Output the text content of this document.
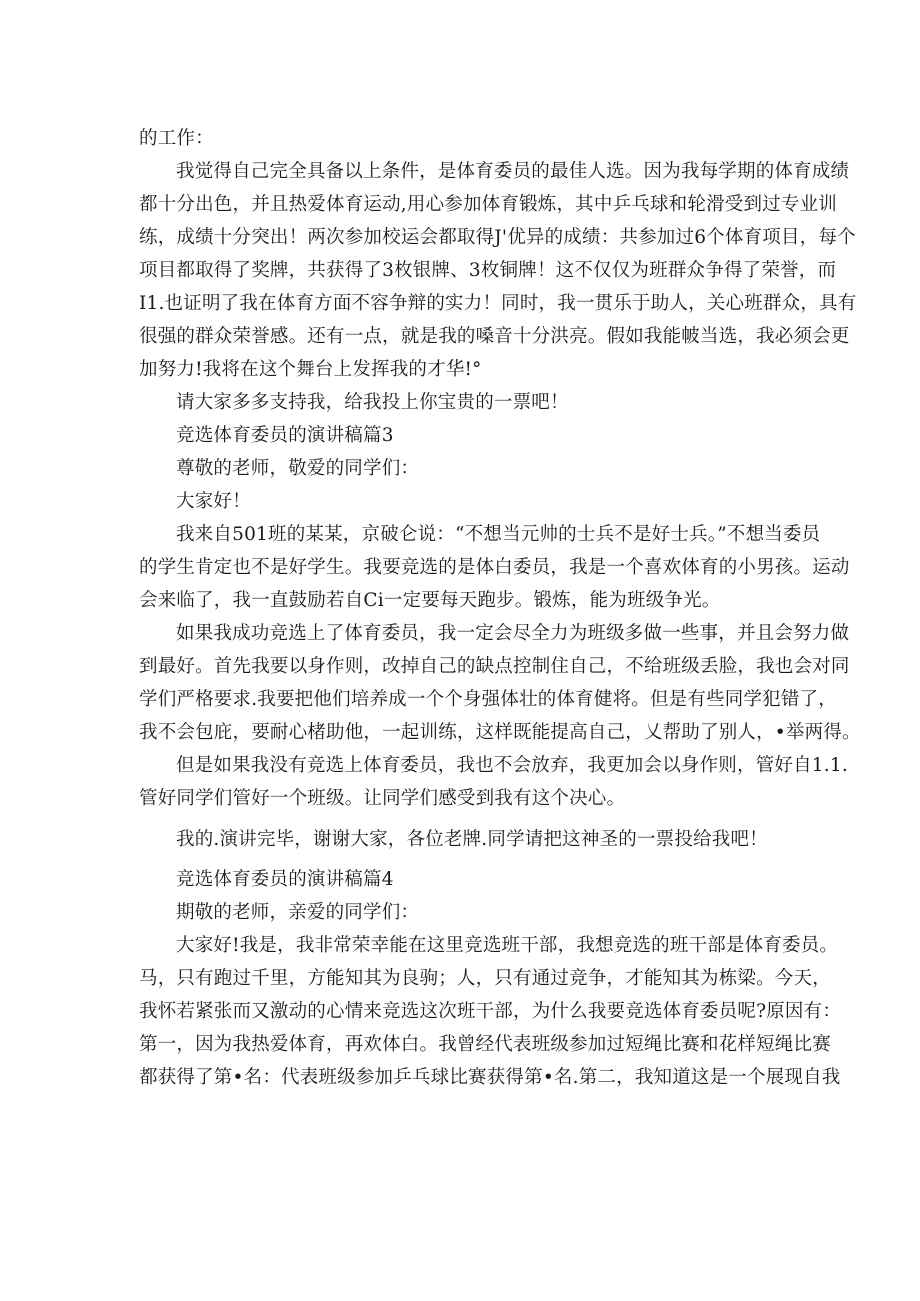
的工作：
我觉得自己完全具备以上条件，是体育委员的最佳人选。因为我每学期的体育成绩
都十分出色，并且热爱体育运动,用心参加体育锻炼，其中乒乓球和轮滑受到过专业训
练，成绩十分突出！两次参加校运会都取得J'优异的成绩：共参加过6个体育项目，每个
项目都取得了奖牌，共获得了3枚银牌、3枚铜牌！这不仅仅为班群众争得了荣誉，而
I1.也证明了我在体育方面不容争辩的实力！同时，我一贯乐于助人，关心班群众，具有
很强的群众荣誉感。还有一点，就是我的嗓音十分洪亮。假如我能帔当选，我必须会更
加努力!我将在这个舞台上发挥我的才华!°
请大家多多支持我，给我投上你宝贵的一票吧！
竞选体育委员的演讲稿篇3
尊敬的老师，敬爱的同学们：
大家好！
我来自501班的某某，京破仑说：“不想当元帅的士兵不是好士兵。”不想当委员
的学生肯定也不是好学生。我要竞选的是体白委员，我是一个喜欢体育的小男孩。运动
会来临了，我一直鼓励若自Ci一定要每天跑步。锻炼，能为班级争光。
如果我成功竞选上了体育委员，我一定会尽全力为班级多做一些事，并且会努力做
到最好。首先我要以身作则，改掉自己的缺点控制住自己，不给班级丢脸，我也会对同
学们严格要求.我要把他们培养成一个个身强体壮的体育健将。但是有些同学犯错了，
我不会包庇，要耐心楮助他，一起训练，这样既能提高自己，乂帮助了别人，•举两得。
但是如果我没有竞选上体育委员，我也不会放弃，我更加会以身作则，管好自1.1.
管好同学们管好一个班级。让同学们感受到我有这个决心。
我的.演讲完毕，谢谢大家，各位老牌.同学请把这神圣的一票投给我吧！
竞选体育委员的演讲稿篇4
期敬的老师，亲爱的同学们：
大家好!我是，我非常荣幸能在这里竞选班干部，我想竞选的班干部是体育委员。
马，只有跑过千里，方能知其为良驹；人，只有通过竞争，才能知其为栋梁。今天，
我怀若紧张而又激动的心情来竞选这次班干部，为什么我要竞选体育委员呢?原因有：
第一，因为我热爱体育，再欢体白。我曾经代表班级参加过短绳比赛和花样短绳比赛
都获得了第•名：代表班级参加乒乓球比赛获得第•名.第二，我知道这是一个展现自我
